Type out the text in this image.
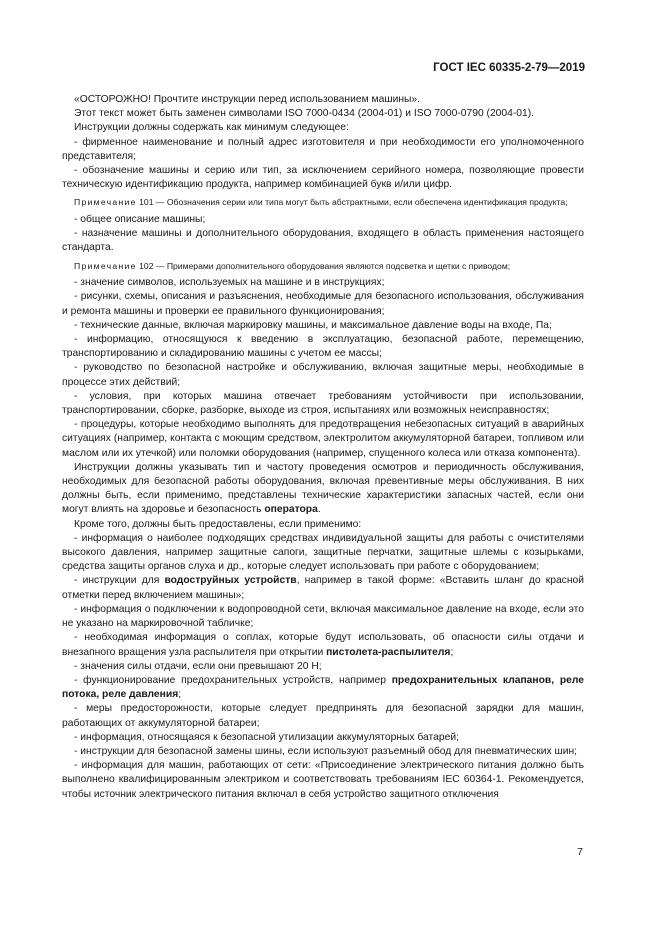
ГОСТ IEC 60335-2-79—2019

«ОСТОРОЖНО! Прочтите инструкции перед использованием машины».

Этот текст может быть заменен символами ISO 7000-0434 (2004-01) и ISO 7000-0790 (2004-01).

Инструкции должны содержать как минимум следующее:

- фирменное наименование и полный адрес изготовителя и при необходимости его уполномоченного представителя;

- обозначение машины и серию или тип, за исключением серийного номера, позволяющие провести техническую идентификацию продукта, например комбинацией букв и/или цифр.

Примечание 101 — Обозначения серии или типа могут быть абстрактными, если обеспечена идентификация продукта;

- общее описание машины;

- назначение машины и дополнительного оборудования, входящего в область применения настоящего стандарта.

Примечание 102 — Примерами дополнительного оборудования являются подсветка и щетки с приводом;

- значение символов, используемых на машине и в инструкциях;

- рисунки, схемы, описания и разъяснения, необходимые для безопасного использования, обслуживания и ремонта машины и проверки ее правильного функционирования;

- технические данные, включая маркировку машины, и максимальное давление воды на входе, Па;

- информацию, относящуюся к введению в эксплуатацию, безопасной работе, перемещению, транспортированию и складированию машины с учетом ее массы;

- руководство по безопасной настройке и обслуживанию, включая защитные меры, необходимые в процессе этих действий;

- условия, при которых машина отвечает требованиям устойчивости при использовании, транспортировании, сборке, разборке, выходе из строя, испытаниях или возможных неисправностях;

- процедуры, которые необходимо выполнять для предотвращения небезопасных ситуаций в аварийных ситуациях (например, контакта с моющим средством, электролитом аккумуляторной батареи, топливом или маслом или их утечкой) или поломки оборудования (например, спущенного колеса или отказа компонента).

Инструкции должны указывать тип и частоту проведения осмотров и периодичность обслуживания, необходимых для безопасной работы оборудования, включая превентивные меры обслуживания. В них должны быть, если применимо, представлены технические характеристики запасных частей, если они могут влиять на здоровье и безопасность оператора.

Кроме того, должны быть предоставлены, если применимо:

- информация о наиболее подходящих средствах индивидуальной защиты для работы с очистителями высокого давления, например защитные сапоги, защитные перчатки, защитные шлемы с козырьками, средства защиты органов слуха и др., которые следует использовать при работе с оборудованием;

- инструкции для водоструйных устройств, например в такой форме: «Вставить шланг до красной отметки перед включением машины»;

- информация о подключении к водопроводной сети, включая максимальное давление на входе, если это не указано на маркировочной табличке;

- необходимая информация о соплах, которые будут использовать, об опасности силы отдачи и внезапного вращения узла распылителя при открытии пистолета-распылителя;

- значения силы отдачи, если они превышают 20 Н;

- функционирование предохранительных устройств, например предохранительных клапанов, реле потока, реле давления;

- меры предосторожности, которые следует предпринять для безопасной зарядки для машин, работающих от аккумуляторной батареи;

- информация, относящаяся к безопасной утилизации аккумуляторных батарей;

- инструкции для безопасной замены шины, если используют разъемный обод для пневматических шин;

- информация для машин, работающих от сети: «Присоединение электрического питания должно быть выполнено квалифицированным электриком и соответствовать требованиям IEC 60364-1. Рекомендуется, чтобы источник электрического питания включал в себя устройство защитного отключения

7
